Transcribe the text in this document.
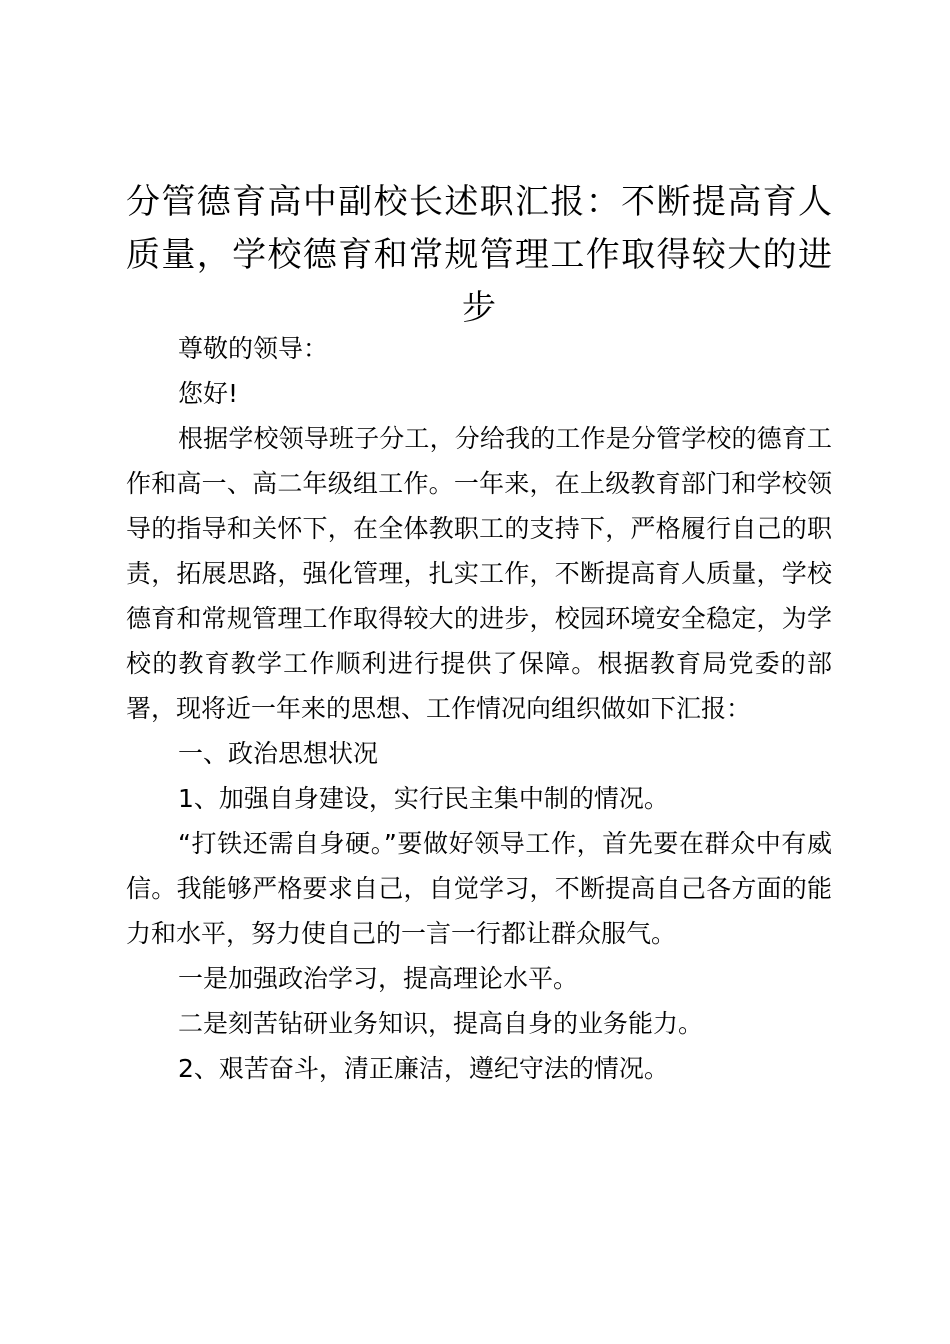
分管德育高中副校长述职汇报：不断提高育人质量，学校德育和常规管理工作取得较大的进步

尊敬的领导：

您好!

根据学校领导班子分工，分给我的工作是分管学校的德育工作和高一、高二年级组工作。一年来，在上级教育部门和学校领导的指导和关怀下，在全体教职工的支持下，严格履行自己的职责，拓展思路，强化管理，扎实工作，不断提高育人质量，学校德育和常规管理工作取得较大的进步，校园环境安全稳定，为学校的教育教学工作顺利进行提供了保障。根据教育局党委的部署，现将近一年来的思想、工作情况向组织做如下汇报：

一、政治思想状况

1、加强自身建设，实行民主集中制的情况。

“打铁还需自身硬。”要做好领导工作，首先要在群众中有威信。我能够严格要求自己，自觉学习，不断提高自己各方面的能力和水平，努力使自己的一言一行都让群众服气。

一是加强政治学习，提高理论水平。

二是刻苦钻研业务知识，提高自身的业务能力。

2、艰苦奋斗，清正廉洁，遵纪守法的情况。
